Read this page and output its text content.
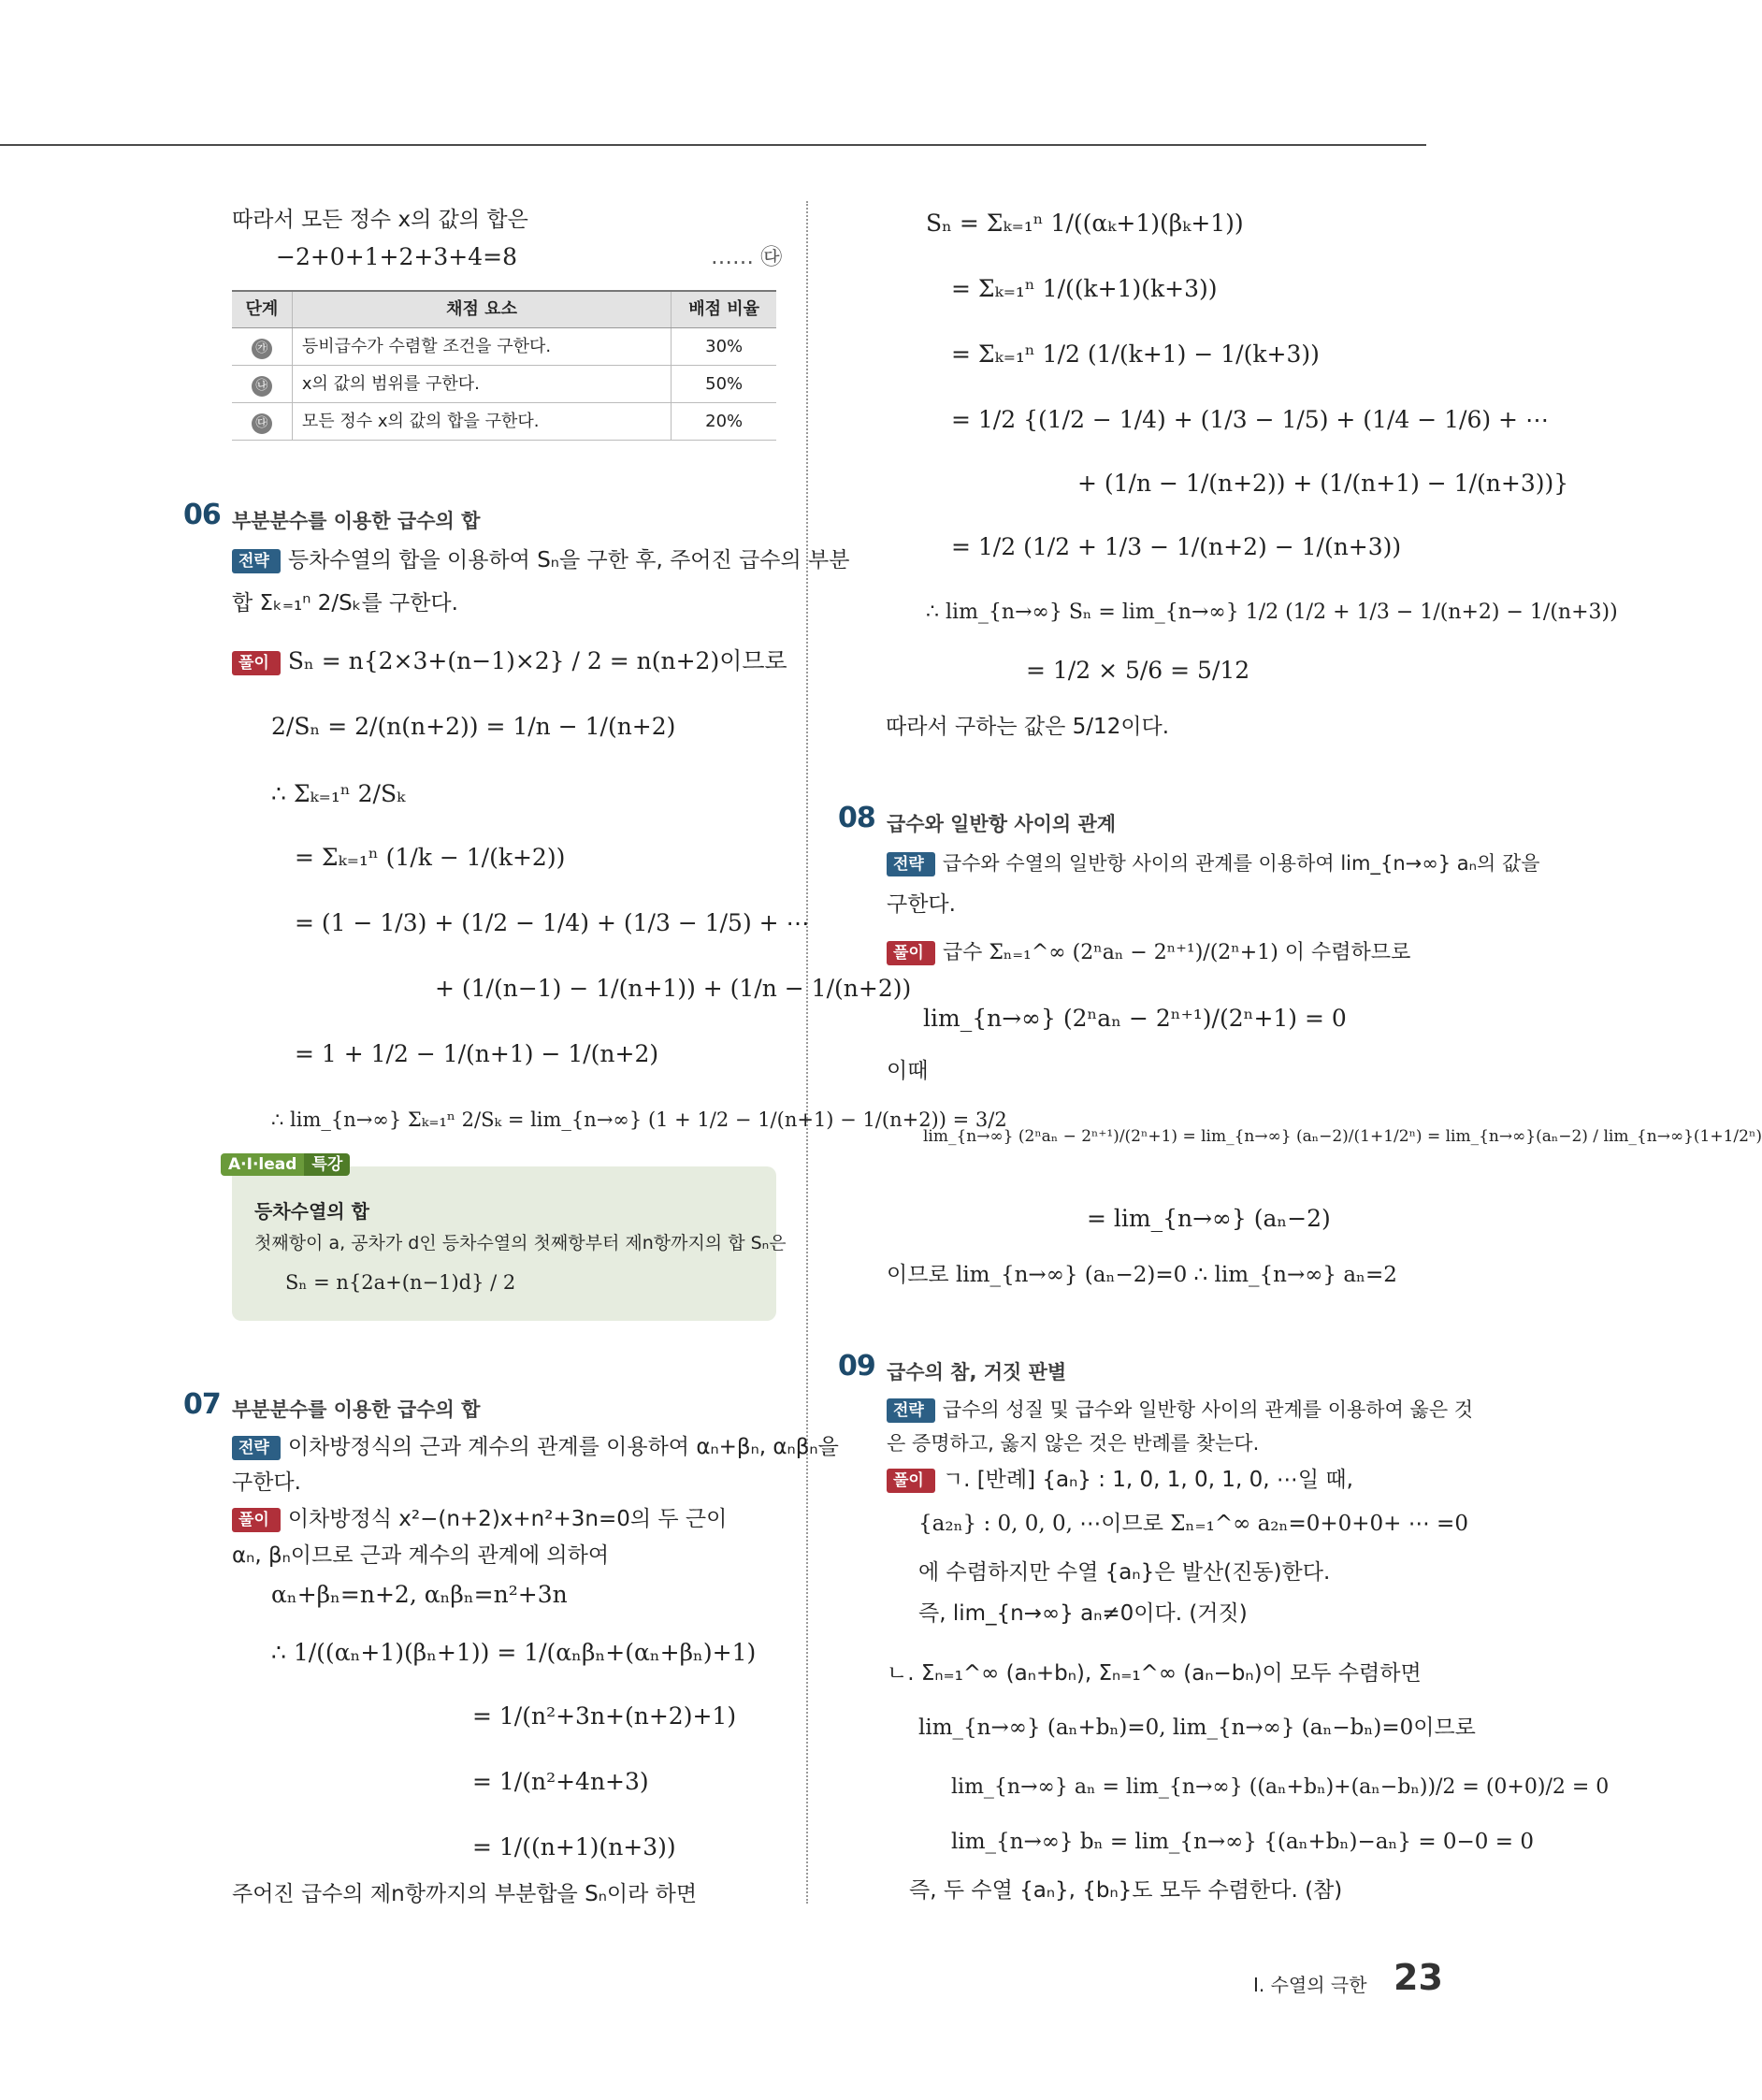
따라서 모든 정수 x의 값의 합은
−2+0+1+2+3+4=8	…… ㉰
단계	채점 요소	배점 비율
㉮	등비급수가 수렴할 조건을 구한다.	30%
㉯	x의 값의 범위를 구한다.	50%
㉰	모든 정수 x의 값의 합을 구한다.	20%
06 부분분수를 이용한 급수의 합
전략 등차수열의 합을 이용하여 Sₙ을 구한 후, 주어진 급수의 부분
합 Σₖ₌₁ⁿ 2/Sₖ를 구한다.
풀이 Sₙ = n{2×3+(n−1)×2} / 2 = n(n+2)이므로
2/Sₙ = 2/(n(n+2)) = 1/n − 1/(n+2)
∴ Σₖ₌₁ⁿ 2/Sₖ
= Σₖ₌₁ⁿ (1/k − 1/(k+2))
= (1 − 1/3) + (1/2 − 1/4) + (1/3 − 1/5) + ⋯
+ (1/(n−1) − 1/(n+1)) + (1/n − 1/(n+2))
= 1 + 1/2 − 1/(n+1) − 1/(n+2)
∴ lim_{n→∞} Σₖ₌₁ⁿ 2/Sₖ = lim_{n→∞} (1 + 1/2 − 1/(n+1) − 1/(n+2)) = 3/2
A·I·lead 특강
등차수열의 합
첫째항이 a, 공차가 d인 등차수열의 첫째항부터 제n항까지의 합 Sₙ은
Sₙ = n{2a+(n−1)d} / 2
07 부분분수를 이용한 급수의 합
전략 이차방정식의 근과 계수의 관계를 이용하여 αₙ+βₙ, αₙβₙ을
구한다.
풀이 이차방정식 x²−(n+2)x+n²+3n=0의 두 근이
αₙ, βₙ이므로 근과 계수의 관계에 의하여
αₙ+βₙ=n+2, αₙβₙ=n²+3n
∴ 1/((αₙ+1)(βₙ+1)) = 1/(αₙβₙ+(αₙ+βₙ)+1)
= 1/(n²+3n+(n+2)+1)
= 1/(n²+4n+3)
= 1/((n+1)(n+3))
주어진 급수의 제n항까지의 부분합을 Sₙ이라 하면
Sₙ = Σₖ₌₁ⁿ 1/((αₖ+1)(βₖ+1))
= Σₖ₌₁ⁿ 1/((k+1)(k+3))
= Σₖ₌₁ⁿ 1/2 (1/(k+1) − 1/(k+3))
= 1/2 {(1/2 − 1/4) + (1/3 − 1/5) + (1/4 − 1/6) + ⋯
+ (1/n − 1/(n+2)) + (1/(n+1) − 1/(n+3))}
= 1/2 (1/2 + 1/3 − 1/(n+2) − 1/(n+3))
∴ lim_{n→∞} Sₙ = lim_{n→∞} 1/2 (1/2 + 1/3 − 1/(n+2) − 1/(n+3))
= 1/2 × 5/6 = 5/12
따라서 구하는 값은 5/12이다.
08 급수와 일반항 사이의 관계
전략 급수와 수열의 일반항 사이의 관계를 이용하여 lim_{n→∞} aₙ의 값을
구한다.
풀이 급수 Σₙ₌₁^∞ (2ⁿaₙ − 2ⁿ⁺¹)/(2ⁿ+1) 이 수렴하므로
lim_{n→∞} (2ⁿaₙ − 2ⁿ⁺¹)/(2ⁿ+1) = 0
이때
lim_{n→∞} (2ⁿaₙ − 2ⁿ⁺¹)/(2ⁿ+1) = lim_{n→∞} (aₙ−2)/(1+1/2ⁿ) = lim_{n→∞}(aₙ−2) / lim_{n→∞}(1+1/2ⁿ)
= lim_{n→∞} (aₙ−2)
이므로 lim_{n→∞} (aₙ−2)=0 ∴ lim_{n→∞} aₙ=2
09 급수의 참, 거짓 판별
전략 급수의 성질 및 급수와 일반항 사이의 관계를 이용하여 옳은 것
은 증명하고, 옳지 않은 것은 반례를 찾는다.
풀이 ㄱ. [반례] {aₙ} : 1, 0, 1, 0, 1, 0, ⋯일 때,
{a₂ₙ} : 0, 0, 0, ⋯이므로 Σₙ₌₁^∞ a₂ₙ=0+0+0+ ⋯ =0
에 수렴하지만 수열 {aₙ}은 발산(진동)한다.
즉, lim_{n→∞} aₙ≠0이다. (거짓)
ㄴ. Σₙ₌₁^∞ (aₙ+bₙ), Σₙ₌₁^∞ (aₙ−bₙ)이 모두 수렴하면
lim_{n→∞} (aₙ+bₙ)=0, lim_{n→∞} (aₙ−bₙ)=0이므로
lim_{n→∞} aₙ = lim_{n→∞} ((aₙ+bₙ)+(aₙ−bₙ))/2 = (0+0)/2 = 0
lim_{n→∞} bₙ = lim_{n→∞} {(aₙ+bₙ)−aₙ} = 0−0 = 0
즉, 두 수열 {aₙ}, {bₙ}도 모두 수렴한다. (참)
Ⅰ. 수열의 극한 23
